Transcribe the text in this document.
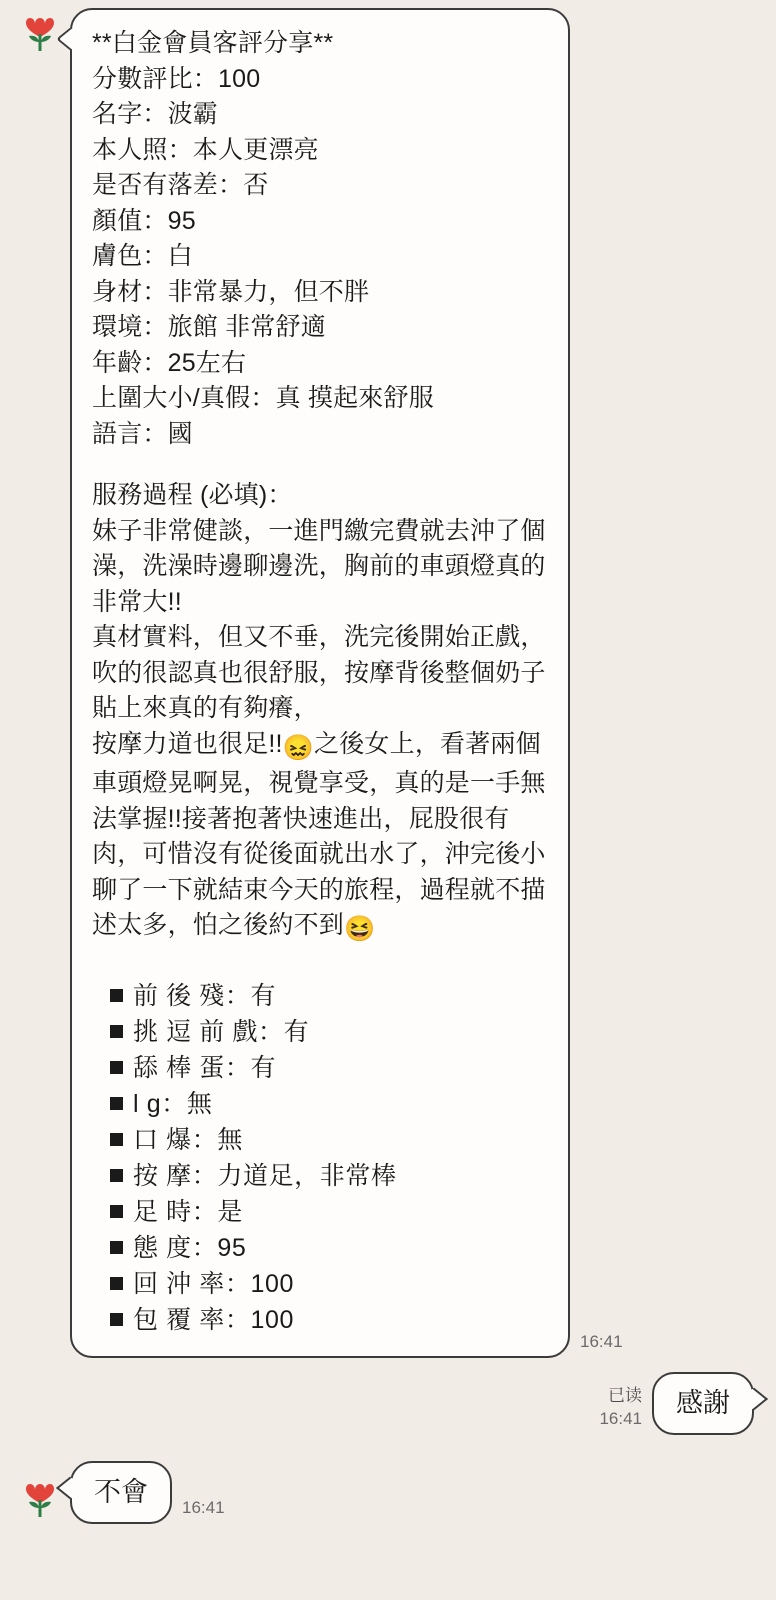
**白金會員客評分享**
分數評比：100
名字：波霸
本人照：本人更漂亮
是否有落差：否
顏值：95
膚色：白
身材：非常暴力，但不胖
環境：旅館 非常舒適
年齡：25左右
上圍大小/真假：真 摸起來舒服
語言：國
服務過程 (必填)：
妹子非常健談，一進門繳完費就去沖了個澡，洗澡時邊聊邊洗，胸前的車頭燈真的非常大!!
真材實料，但又不垂，洗完後開始正戲，吹的很認真也很舒服，按摩背後整個奶子貼上來真的有夠癢，
按摩力道也很足!!😖之後女上，看著兩個車頭燈晃啊晃，視覺享受，真的是一手無法掌握!!接著抱著快速進出，屁股很有肉，可惜沒有從後面就出水了，沖完後小聊了一下就結束今天的旅程，過程就不描述太多，怕之後約不到😆
前 後 殘：有
挑 逗 前 戲：有
舔 棒 蛋：有
l g：無
口 爆：無
按 摩：力道足，非常棒
足 時：是
態 度：95
回 沖 率：100
包 覆 率：100
16:41
已读
16:41
感謝
不會
16:41
